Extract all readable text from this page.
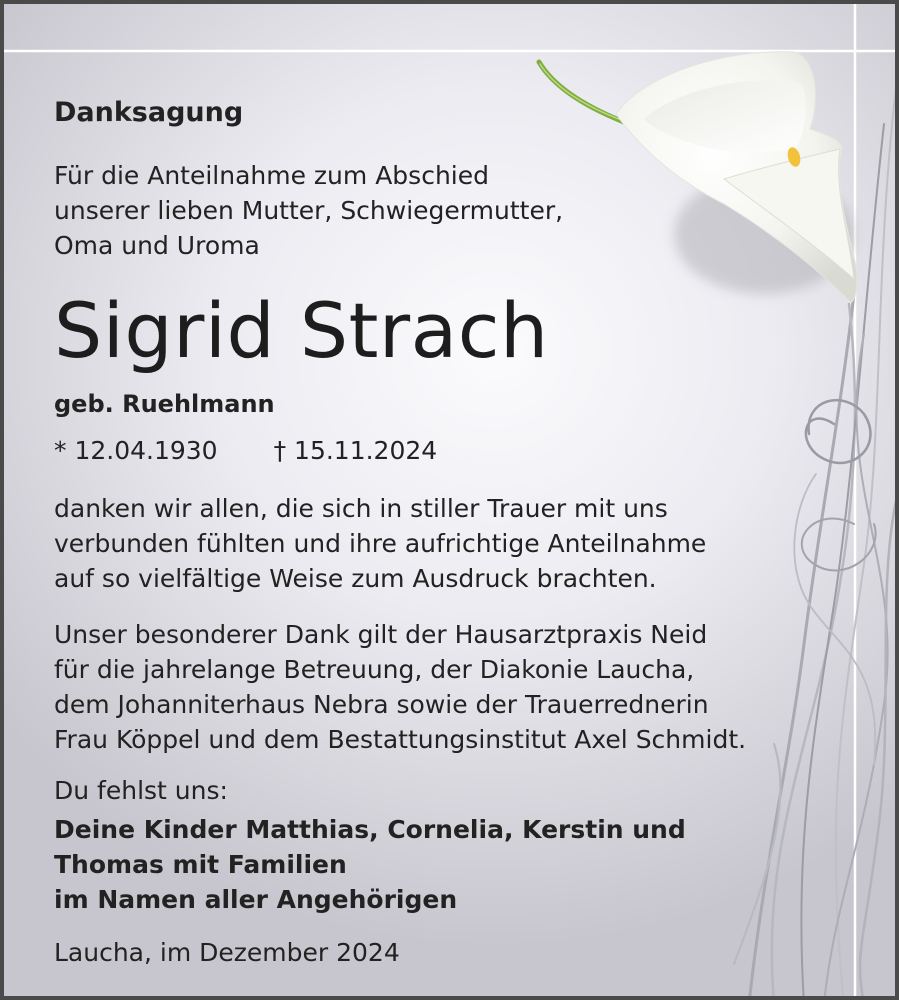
Danksagung

Für die Anteilnahme zum Abschied
unserer lieben Mutter, Schwiegermutter,
Oma und Uroma

Sigrid Strach

geb. Ruehlmann

* 12.04.1930 † 15.11.2024

danken wir allen, die sich in stiller Trauer mit uns
verbunden fühlten und ihre aufrichtige Anteilnahme
auf so vielfältige Weise zum Ausdruck brachten.

Unser besonderer Dank gilt der Hausarztpraxis Neid
für die jahrelange Betreuung, der Diakonie Laucha,
dem Johanniterhaus Nebra sowie der Trauerrednerin
Frau Köppel und dem Bestattungsinstitut Axel Schmidt.

Du fehlst uns:

Deine Kinder Matthias, Cornelia, Kerstin und
Thomas mit Familien
im Namen aller Angehörigen

Laucha, im Dezember 2024
